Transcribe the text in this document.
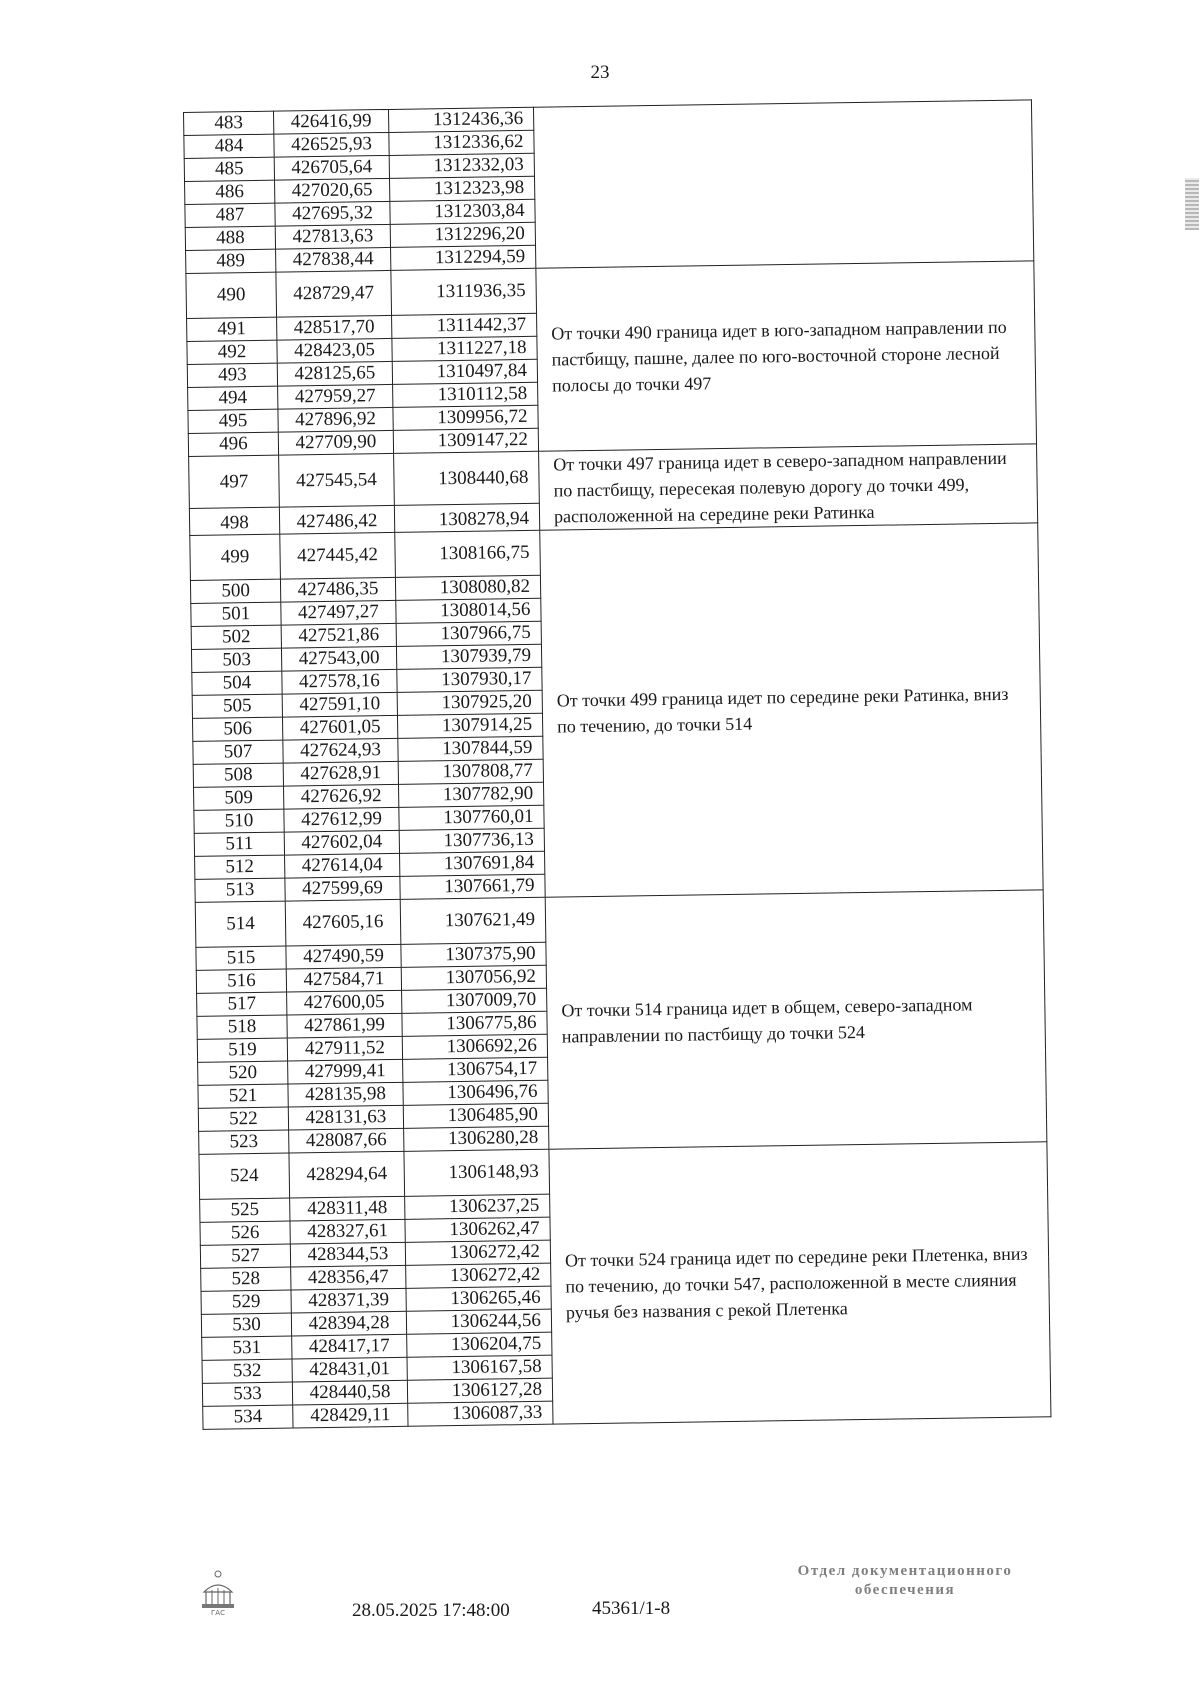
23
483	426416,99	1312436,36	
484	426525,93	1312336,62	
485	426705,64	1312332,03	
486	427020,65	1312323,98	
487	427695,32	1312303,84	
488	427813,63	1312296,20	
489	427838,44	1312294,59	
490	428729,47	1311936,35	От точки 490 граница идет в юго-западном направлении по пастбищу, пашне, далее по юго-восточной стороне лесной полосы до точки 497
491	428517,70	1311442,37	
492	428423,05	1311227,18	
493	428125,65	1310497,84	
494	427959,27	1310112,58	
495	427896,92	1309956,72	
496	427709,90	1309147,22	
497	427545,54	1308440,68	От точки 497 граница идет в северо-западном направлении по пастбищу, пересекая полевую дорогу до точки 499, расположенной на середине реки Ратинка
498	427486,42	1308278,94	
499	427445,42	1308166,75	От точки 499 граница идет по середине реки Ратинка, вниз по течению, до точки 514
500	427486,35	1308080,82	
501	427497,27	1308014,56	
502	427521,86	1307966,75	
503	427543,00	1307939,79	
504	427578,16	1307930,17	
505	427591,10	1307925,20	
506	427601,05	1307914,25	
507	427624,93	1307844,59	
508	427628,91	1307808,77	
509	427626,92	1307782,90	
510	427612,99	1307760,01	
511	427602,04	1307736,13	
512	427614,04	1307691,84	
513	427599,69	1307661,79	
514	427605,16	1307621,49	От точки 514 граница идет в общем, северо-западном направлении по пастбищу до точки 524
515	427490,59	1307375,90	
516	427584,71	1307056,92	
517	427600,05	1307009,70	
518	427861,99	1306775,86	
519	427911,52	1306692,26	
520	427999,41	1306754,17	
521	428135,98	1306496,76	
522	428131,63	1306485,90	
523	428087,66	1306280,28	
524	428294,64	1306148,93	От точки 524 граница идет по середине реки Плетенка, вниз по течению, до точки 547, расположенной в месте слияния ручья без названия с рекой Плетенка
525	428311,48	1306237,25	
526	428327,61	1306262,47	
527	428344,53	1306272,42	
528	428356,47	1306272,42	
529	428371,39	1306265,46	
530	428394,28	1306244,56	
531	428417,17	1306204,75	
532	428431,01	1306167,58	
533	428440,58	1306127,28	
534	428429,11	1306087,33	
ГАС	28.05.2025 17:48:00	45361/1-8
Отдел документационного
обеспечения
